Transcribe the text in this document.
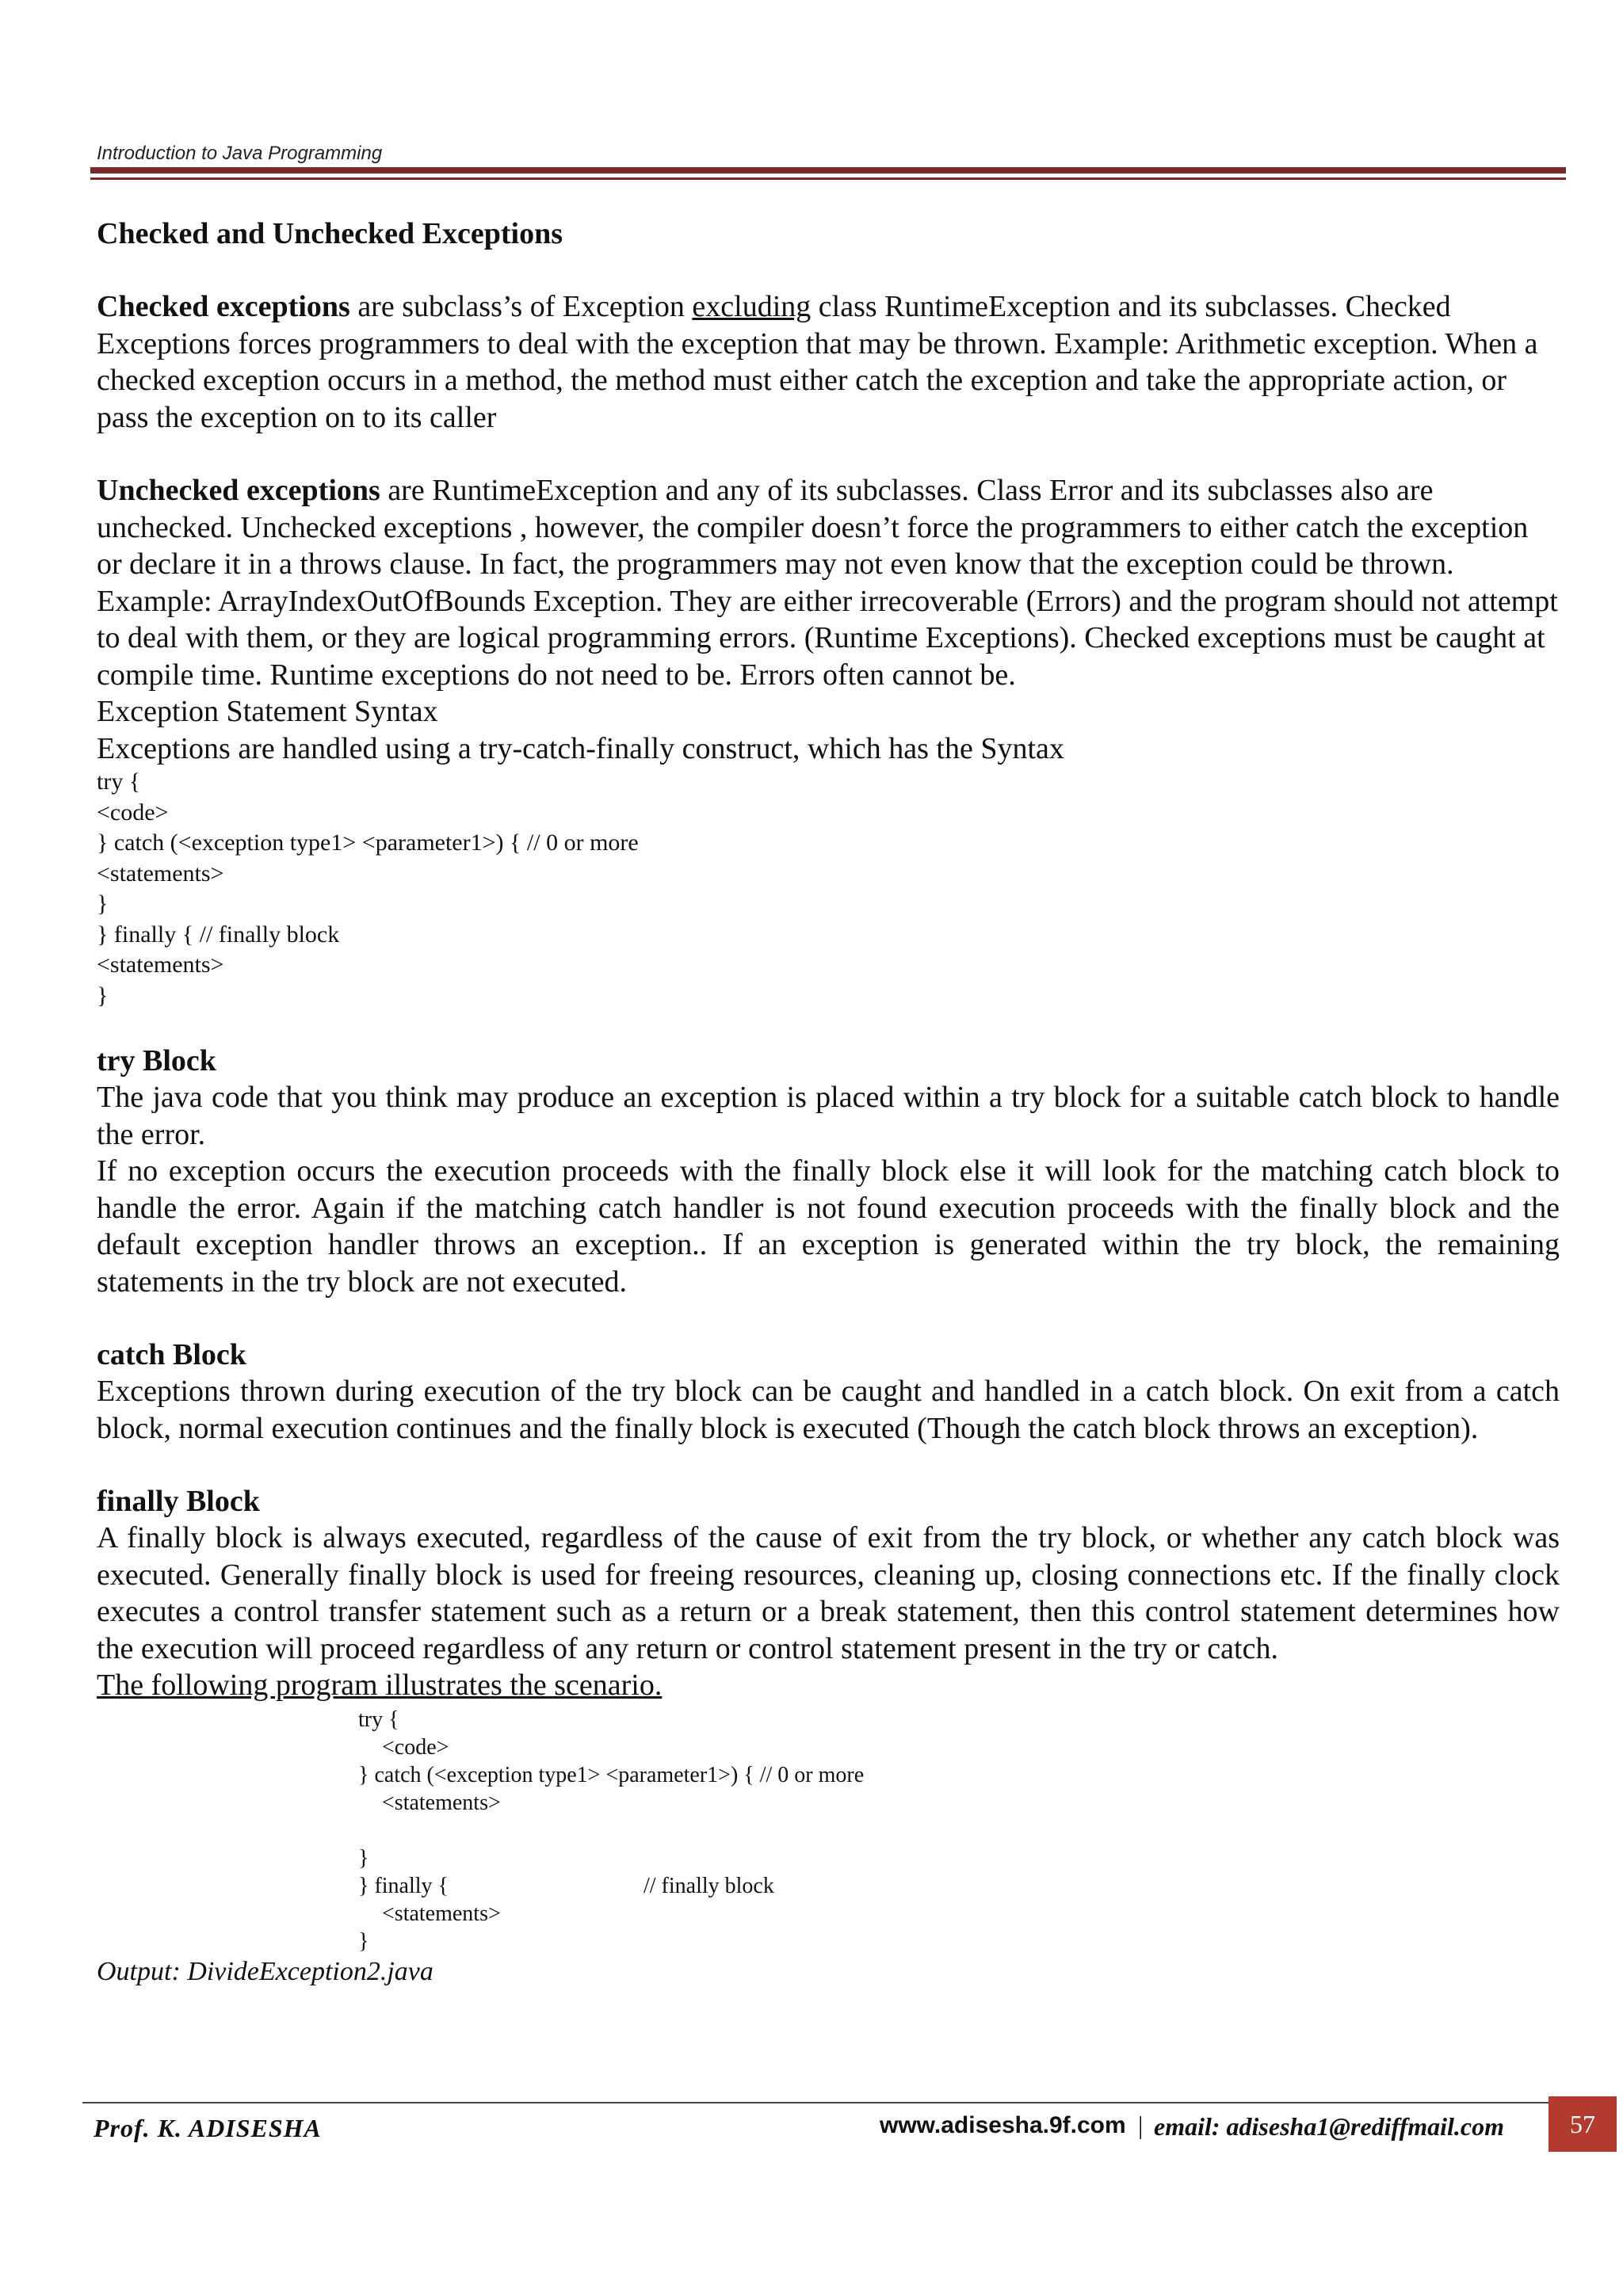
Introduction to Java Programming

Checked and Unchecked Exceptions

Checked exceptions are subclass’s of Exception excluding class RuntimeException and its subclasses. Checked Exceptions forces programmers to deal with the exception that may be thrown. Example: Arithmetic exception. When a checked exception occurs in a method, the method must either catch the exception and take the appropriate action, or pass the exception on to its caller

Unchecked exceptions are RuntimeException and any of its subclasses. Class Error and its subclasses also are unchecked. Unchecked exceptions , however, the compiler doesn’t force the programmers to either catch the exception or declare it in a throws clause. In fact, the programmers may not even know that the exception could be thrown. Example: ArrayIndexOutOfBounds Exception. They are either irrecoverable (Errors) and the program should not attempt to deal with them, or they are logical programming errors. (Runtime Exceptions). Checked exceptions must be caught at compile time. Runtime exceptions do not need to be. Errors often cannot be.

Exception Statement Syntax

Exceptions are handled using a try-catch-finally construct, which has the Syntax

try {

<code>

} catch (<exception type1> <parameter1>) { // 0 or more

<statements>

}

} finally { // finally block

<statements>

}

try Block

The java code that you think may produce an exception is placed within a try block for a suitable catch block to handle the error.

If no exception occurs the execution proceeds with the finally block else it will look for the matching catch block to handle the error. Again if the matching catch handler is not found execution proceeds with the finally block and the default exception handler throws an exception.. If an exception is generated within the try block, the remaining statements in the try block are not executed.

catch Block

Exceptions thrown during execution of the try block can be caught and handled in a catch block. On exit from a catch block, normal execution continues and the finally block is executed (Though the catch block throws an exception).

finally Block

A finally block is always executed, regardless of the cause of exit from the try block, or whether any catch block was executed. Generally finally block is used for freeing resources, cleaning up, closing connections etc. If the finally clock executes a control transfer statement such as a return or a break statement, then this control statement determines how the execution will proceed regardless of any return or control statement present in the try or catch.

The following program illustrates the scenario.

try {

<code>

} catch (<exception type1> <parameter1>) { // 0 or more

<statements>

}

} finally {	// finally block

<statements>

}

Output: DivideException2.java

Prof. K. ADISESHA	www.adisesha.9f.com | email: adisesha1@rediffmail.com	57
